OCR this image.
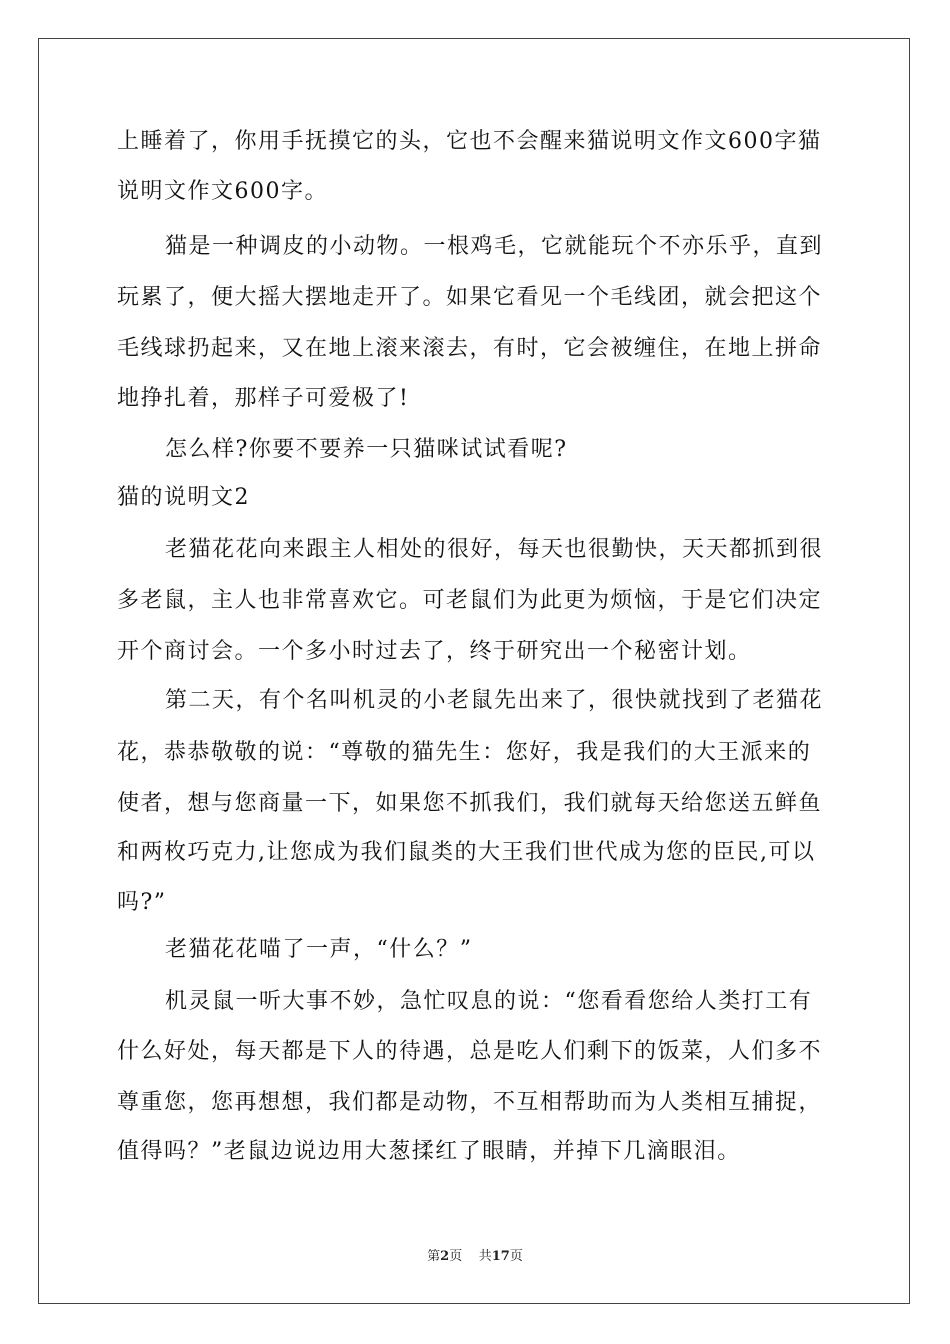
上睡着了，你用手抚摸它的头，它也不会醒来猫说明文作文600字猫
说明文作文600字。
猫是一种调皮的小动物。一根鸡毛，它就能玩个不亦乐乎，直到
玩累了，便大摇大摆地走开了。如果它看见一个毛线团，就会把这个
毛线球扔起来，又在地上滚来滚去，有时，它会被缠住，在地上拼命
地挣扎着，那样子可爱极了!
怎么样?你要不要养一只猫咪试试看呢?
猫的说明文2
老猫花花向来跟主人相处的很好，每天也很勤快，天天都抓到很
多老鼠，主人也非常喜欢它。可老鼠们为此更为烦恼，于是它们决定
开个商讨会。一个多小时过去了，终于研究出一个秘密计划。
第二天，有个名叫机灵的小老鼠先出来了，很快就找到了老猫花
花，恭恭敬敬的说：“尊敬的猫先生：您好，我是我们的大王派来的
使者，想与您商量一下，如果您不抓我们，我们就每天给您送五鲜鱼
和两枚巧克力,让您成为我们鼠类的大王我们世代成为您的臣民,可以
吗?”
老猫花花喵了一声，“什么？”
机灵鼠一听大事不妙，急忙叹息的说：“您看看您给人类打工有
什么好处，每天都是下人的待遇，总是吃人们剩下的饭菜，人们多不
尊重您，您再想想，我们都是动物，不互相帮助而为人类相互捕捉，
值得吗？”老鼠边说边用大葱揉红了眼睛，并掉下几滴眼泪。
第2页 共17页
